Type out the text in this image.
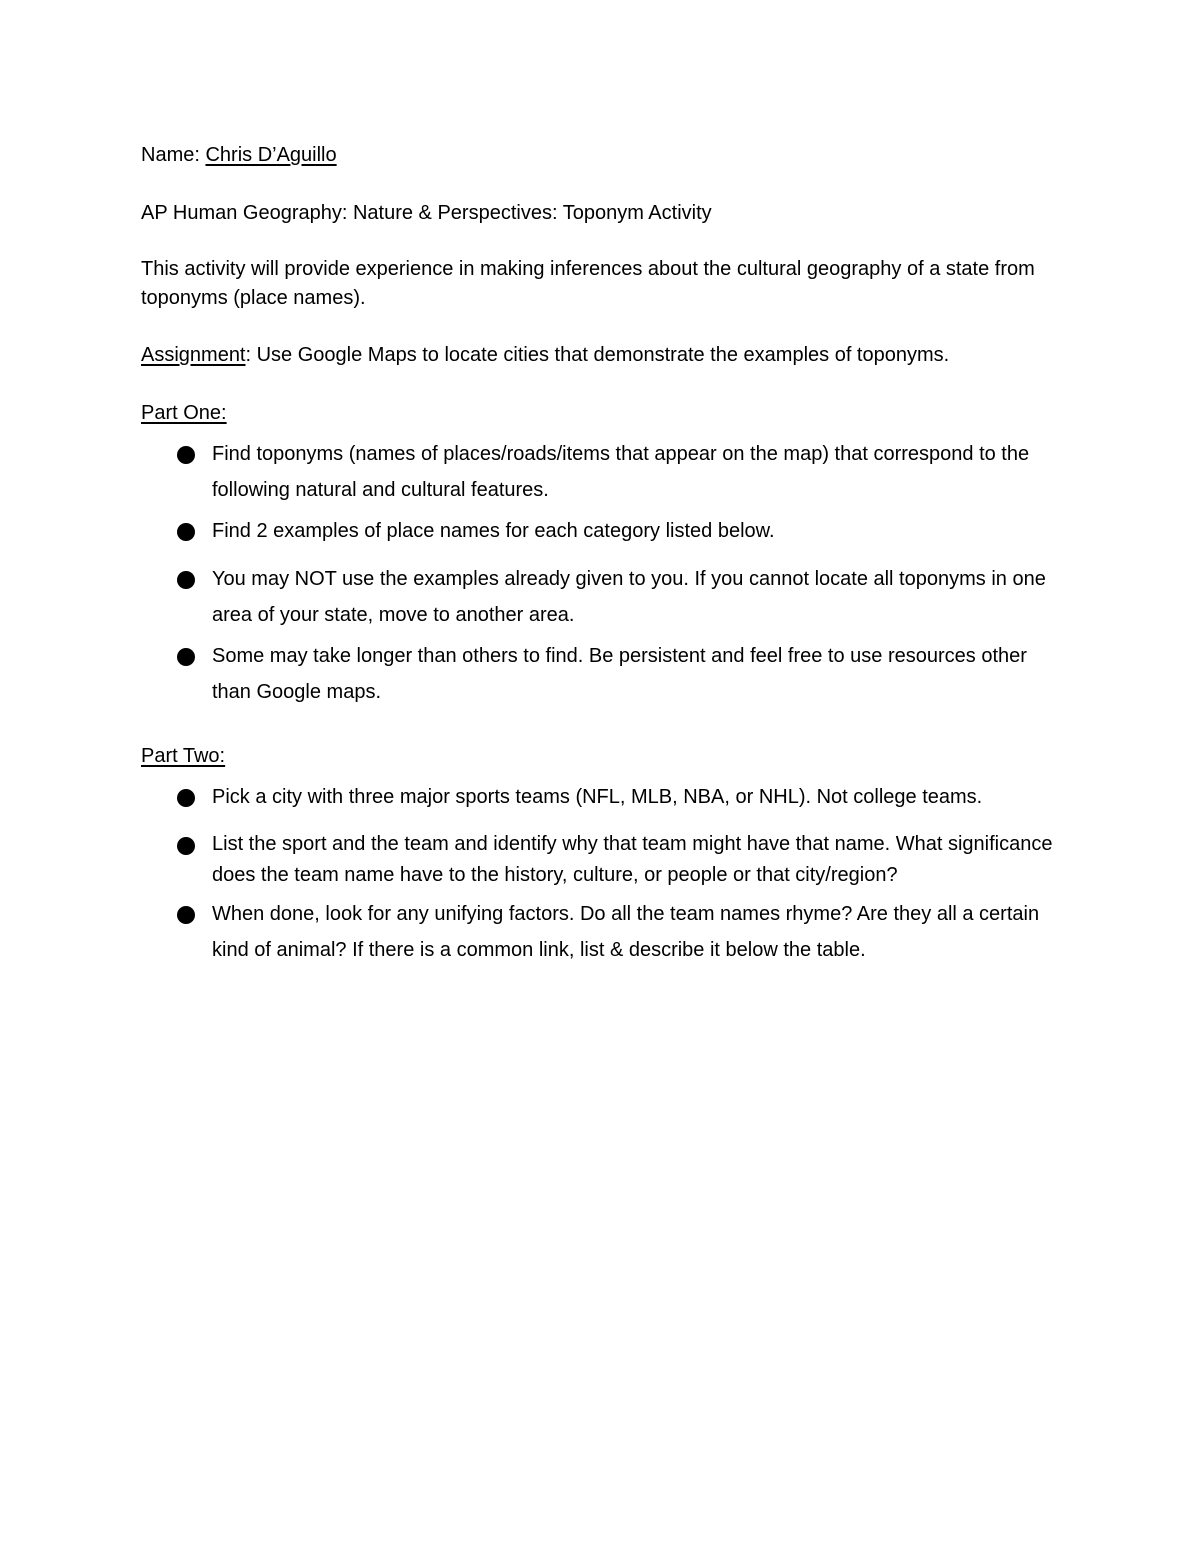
Name: Chris D’Aguillo

AP Human Geography: Nature & Perspectives: Toponym Activity

This activity will provide experience in making inferences about the cultural geography of a state from toponyms (place names).

Assignment: Use Google Maps to locate cities that demonstrate the examples of toponyms.

Part One:

Find toponyms (names of places/roads/items that appear on the map) that correspond to the following natural and cultural features.
Find 2 examples of place names for each category listed below.
You may NOT use the examples already given to you. If you cannot locate all toponyms in one area of your state, move to another area.
Some may take longer than others to find. Be persistent and feel free to use resources other than Google maps.

Part Two:

Pick a city with three major sports teams (NFL, MLB, NBA, or NHL). Not college teams.
List the sport and the team and identify why that team might have that name. What significance does the team name have to the history, culture, or people or that city/region?
When done, look for any unifying factors. Do all the team names rhyme? Are they all a certain kind of animal? If there is a common link, list & describe it below the table.
